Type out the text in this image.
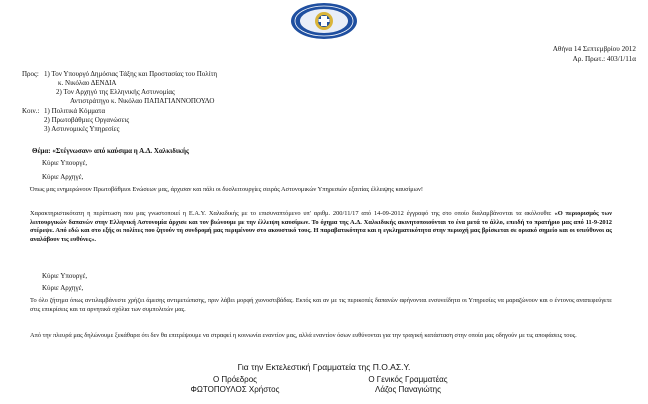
Αθήνα 14 Σεπτεμβρίου 2012
Αρ. Πρωτ.: 403/1/11α

Προς:

1) Τον Υπουργό Δημόσιας Τάξης και Προστασίας του Πολίτη

κ. Νικόλαο ΔΕΝΔΙΑ

2) Τον Αρχηγό της Ελληνικής Αστυνομίας

Αντιστράτηγο κ. Νικόλαο ΠΑΠΑΓΙΑΝΝΟΠΟΥΛΟ

Κοιν.:

1) Πολιτικά Κόμματα

2) Πρωτοβάθμιες Οργανώσεις

3) Αστυνομικές Υπηρεσίες

Θέμα: «Στέγνωσαν» από καύσιμα η Α.Δ. Χαλκιδικής
Κύριε Υπουργέ,
Κύριε Αρχηγέ,
Όπως μας ενημερώνουν Πρωτοβάθμιοι Ενώσεων μας, άρχισαν και πάλι οι δυσλειτουργίες σειράς Αστυνομικών Υπηρεσιών εξαιτίας έλλειψης καυσίμων!
Χαρακτηριστικότατη η περίπτωση που μας γνωστοποιεί η Ε.Α.Υ. Χαλκιδικής με το επισυναπτόμενο υπ' αριθμ. 200/11/17 από 14-09-2012 έγγραφό της στο οποίο διαλαμβάνονται τα ακόλουθα: «Ο περιορισμός των λειτουργικών δαπανών στην Ελληνική Αστυνομία άρχισε και τον βιώνουμε με την έλλειψη καυσίμων. Το όχημα της Α.Δ. Χαλκιδικής ακινητοποιούνται το ένα μετά το άλλο, επειδή το πρατήριο μας από 11-9-2012 στέρεψε. Από εδώ και στο εξής οι πολίτες που ζητούν τη συνδρομή μας περιμένουν στο ακουστικό τους. Η παραβατικότητα και η εγκληματικότητα στην περιοχή μας βρίσκεται σε οριακό σημείο και οι υπεύθυνοι ας αναλάβουν τις ευθύνες».
Κύριε Υπουργέ,
Κύριε Αρχηγέ,
Το όλο ζήτημα όπως αντιλαμβάνεστε χρήζει άμεσης αντιμετώπισης, πριν λάβει μορφή χιονοστιβάδας. Εκτός και αν με τις περικοπές δαπανών αφήνονται ενσυνείδητα οι Υπηρεσίες να μαραζώνουν και ο έντονος αναπεφεύγετε στις επικρίσεις και τα αρνητικά σχόλια των συμπολιτών μας.
Από την πλευρά μας δηλώνουμε ξεκάθαρα ότι δεν θα επιτρέψουμε να στραφεί η κοινωνία εναντίον μας, αλλά εναντίον όσων ευθύνονται για την τραγική κατάσταση στην οποία μας οδηγούν με τις αποφάσεις τους.
Για την Εκτελεστική Γραμματεία της Π.Ο.ΑΣ.Υ.
Ο Πρόεδρος
ΦΩΤΟΠΟΥΛΟΣ Χρήστος
Ο Γενικός Γραμματέας
Λάζος Παναγιώτης
